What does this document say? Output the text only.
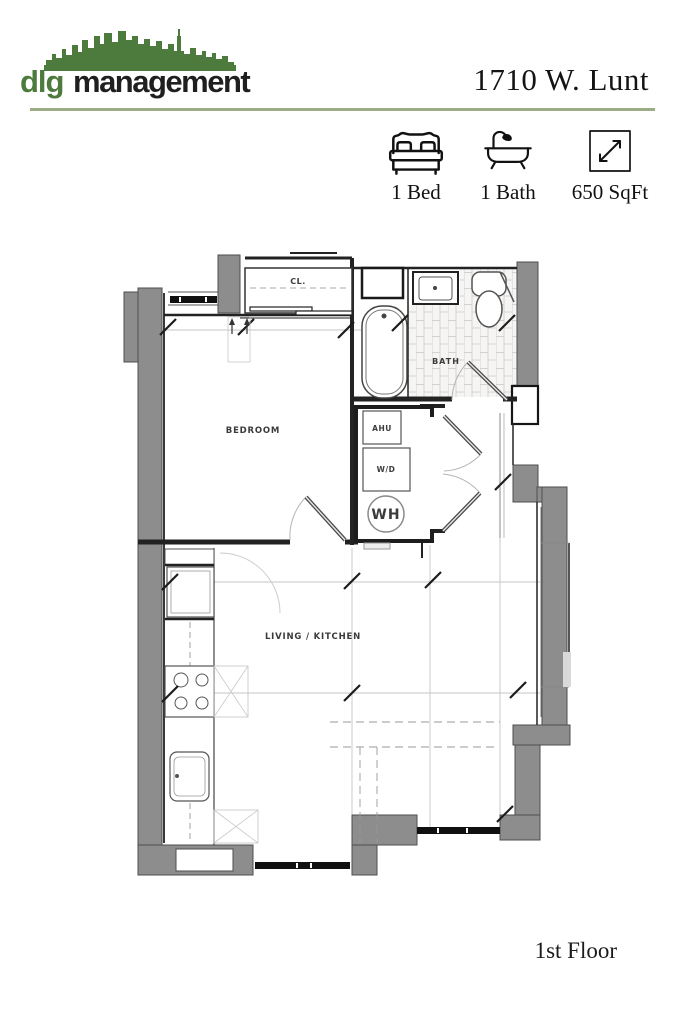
dlg management	1710 W. Lunt
1 Bed	1 Bath	650 SqFt
CL.
BATH
BEDROOM	AHU
W/D
WH
LIVING / KITCHEN
1st Floor
